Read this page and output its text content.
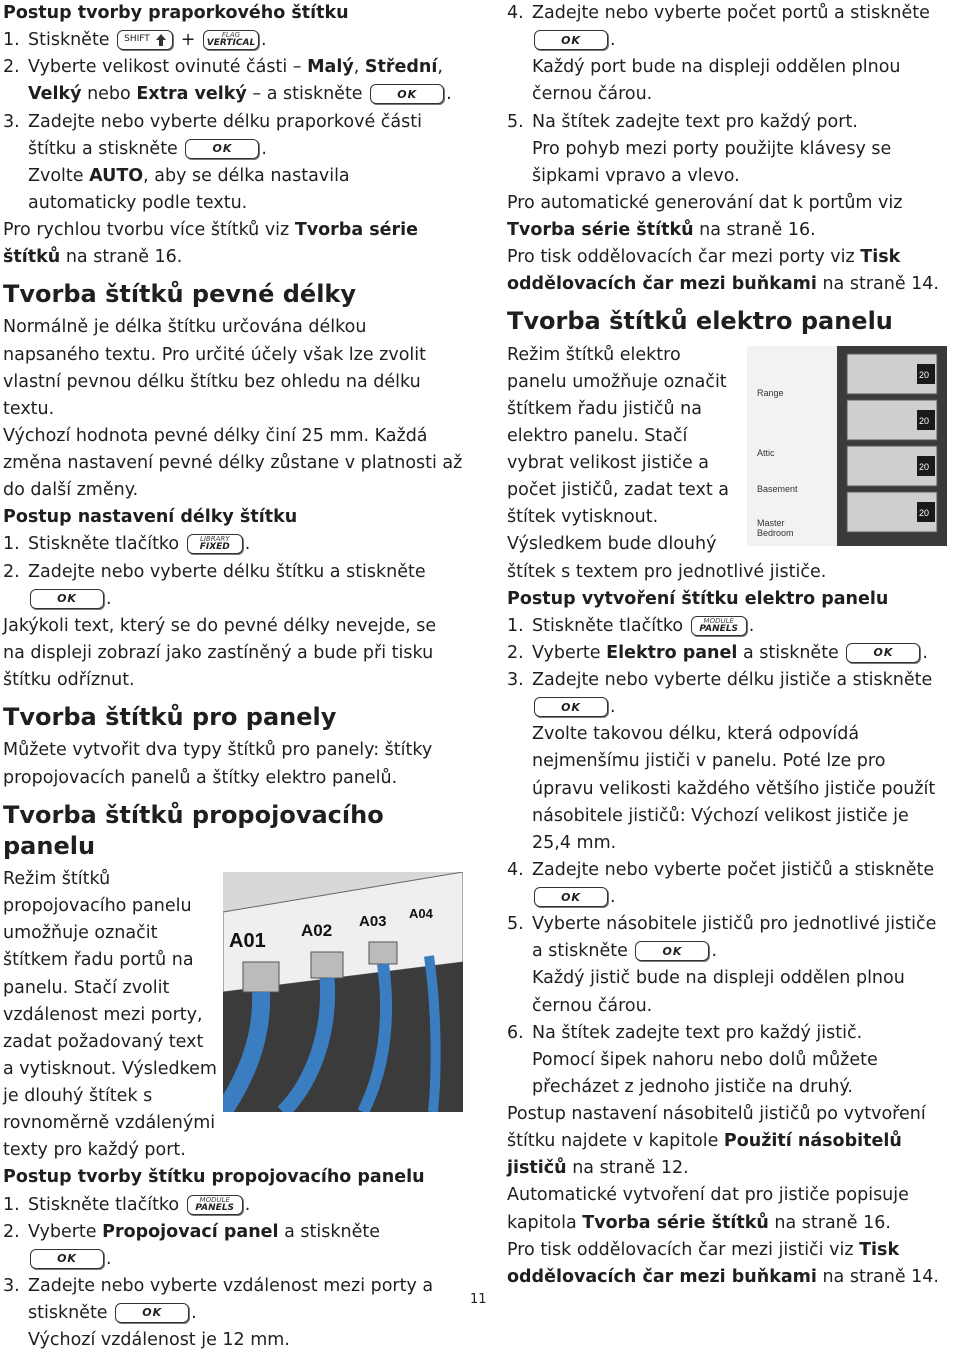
Postup tvorby praporkového štítku

1. Stiskněte SHIFT +	FLAG
VERTICAL .
2. Vyberte velikost ovinuté části – Malý, Střední, Velký nebo Extra velký – a stiskněte	OK .
3. Zadejte nebo vyberte délku praporkové části štítku a stiskněte	OK .
Zvolte AUTO, aby se délka nastavila automaticky podle textu.

Pro rychlou tvorbu více štítků viz Tvorba série štítků na straně 16.

Tvorba štítků pevné délky

Normálně je délka štítku určována délkou napsaného textu. Pro určité účely však lze zvolit vlastní pevnou délku štítku bez ohledu na délku textu.

Výchozí hodnota pevné délky činí 25 mm. Každá změna nastavení pevné délky zůstane v platnosti až do další změny.

Postup nastavení délky štítku

1. Stiskněte tlačítko	LIBRARY
FIXED .
2. Zadejte nebo vyberte délku štítku a stiskněte
OK .

Jakýkoli text, který se do pevné délky nevejde, se na displeji zobrazí jako zastíněný a bude při tisku štítku odříznut.

Tvorba štítků pro panely

Můžete vytvořit dva typy štítků pro panely: štítky propojovacích panelů a štítky elektro panelů.

Tvorba štítků propojovacího panelu

A01 A02 A03 A04

Režim štítků propojovacího panelu umožňuje označit štítkem řadu portů na panelu. Stačí zvolit vzdálenost mezi porty, zadat požadovaný text a vytisknout. Výsledkem je dlouhý štítek s rovnoměrně vzdálenými texty pro každý port.

Postup tvorby štítku propojovacího panelu

1. Stiskněte tlačítko	MODULE
PANELS .
2. Vyberte Propojovací panel a stiskněte
OK .
3. Zadejte nebo vyberte vzdálenost mezi porty a stiskněte	OK .
Výchozí vzdálenost je 12 mm.
4. Zadejte nebo vyberte počet portů a stiskněte
OK .
Každý port bude na displeji oddělen plnou černou čárou.
5. Na štítek zadejte text pro každý port.
Pro pohyb mezi porty použijte klávesy se šipkami vpravo a vlevo.

Pro automatické generování dat k portům viz Tvorba série štítků na straně 16.

Pro tisk oddělovacích čar mezi porty viz Tisk oddělovacích čar mezi buňkami na straně 14.

Tvorba štítků elektro panelu

Range
Attic
Basement
Master
Bedroom
20
20
20
20

Režim štítků elektro panelu umožňuje označit štítkem řadu jističů na elektro panelu. Stačí vybrat velikost jističe a počet jističů, zadat text a štítek vytisknout. Výsledkem bude dlouhý štítek s textem pro jednotlivé jističe.

Postup vytvoření štítku elektro panelu

1. Stiskněte tlačítko	MODULE
PANELS .
2. Vyberte Elektro panel a stiskněte	OK .
3. Zadejte nebo vyberte délku jističe a stiskněte
OK .
Zvolte takovou délku, která odpovídá nejmenšímu jističi v panelu. Poté lze pro úpravu velikosti každého většího jističe použít násobitele jističů: Výchozí velikost jističe je 25,4 mm.
4. Zadejte nebo vyberte počet jističů a stiskněte
OK .
5. Vyberte násobitele jističů pro jednotlivé jističe a stiskněte	OK .
Každý jistič bude na displeji oddělen plnou černou čárou.
6. Na štítek zadejte text pro každý jistič.
Pomocí šipek nahoru nebo dolů můžete přecházet z jednoho jističe na druhý.

Postup nastavení násobitelů jističů po vytvoření štítku najdete v kapitole Použití násobitelů jističů na straně 12.

Automatické vytvoření dat pro jističe popisuje kapitola Tvorba série štítků na straně 16.

Pro tisk oddělovacích čar mezi jističi viz Tisk oddělovacích čar mezi buňkami na straně 14.

11
